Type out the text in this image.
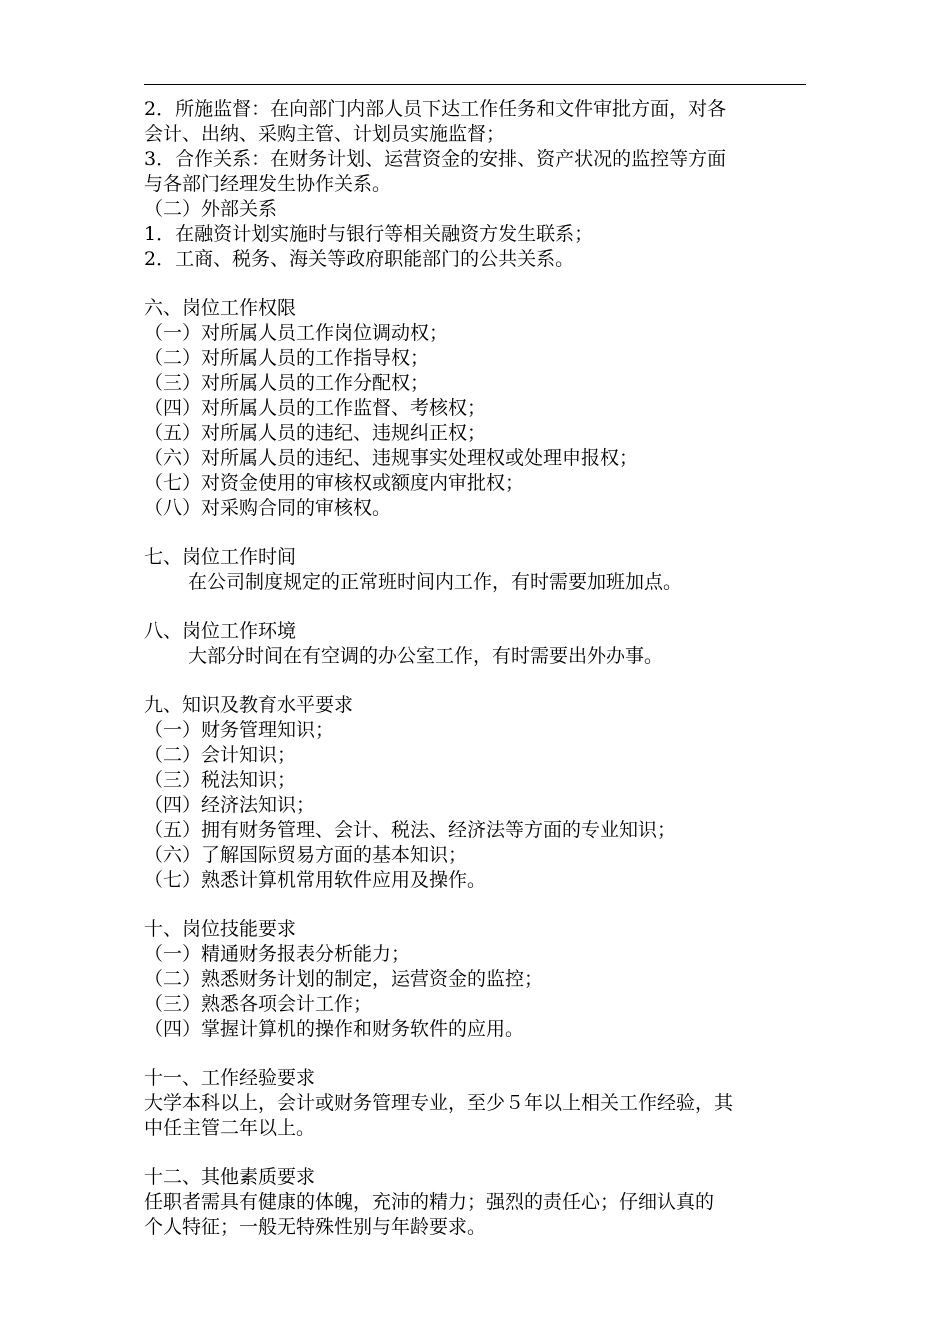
2．所施监督：在向部门内部人员下达工作任务和文件审批方面，对各
会计、出纳、采购主管、计划员实施监督；
3．合作关系：在财务计划、运营资金的安排、资产状况的监控等方面
与各部门经理发生协作关系。
（二）外部关系
1．在融资计划实施时与银行等相关融资方发生联系；
2．工商、税务、海关等政府职能部门的公共关系。
六、岗位工作权限
（一）对所属人员工作岗位调动权；
（二）对所属人员的工作指导权；
（三）对所属人员的工作分配权；
（四）对所属人员的工作监督、考核权；
（五）对所属人员的违纪、违规纠正权；
（六）对所属人员的违纪、违规事实处理权或处理申报权；
（七）对资金使用的审核权或额度内审批权；
（八）对采购合同的审核权。
七、岗位工作时间
在公司制度规定的正常班时间内工作，有时需要加班加点。
八、岗位工作环境
大部分时间在有空调的办公室工作，有时需要出外办事。
九、知识及教育水平要求
（一）财务管理知识；
（二）会计知识；
（三）税法知识；
（四）经济法知识；
（五）拥有财务管理、会计、税法、经济法等方面的专业知识；
（六）了解国际贸易方面的基本知识；
（七）熟悉计算机常用软件应用及操作。
十、岗位技能要求
（一）精通财务报表分析能力；
（二）熟悉财务计划的制定，运营资金的监控；
（三）熟悉各项会计工作；
（四）掌握计算机的操作和财务软件的应用。
十一、工作经验要求
大学本科以上，会计或财务管理专业，至少５年以上相关工作经验，其
中任主管二年以上。
十二、其他素质要求
任职者需具有健康的体魄，充沛的精力；强烈的责任心；仔细认真的
个人特征；一般无特殊性别与年龄要求。
